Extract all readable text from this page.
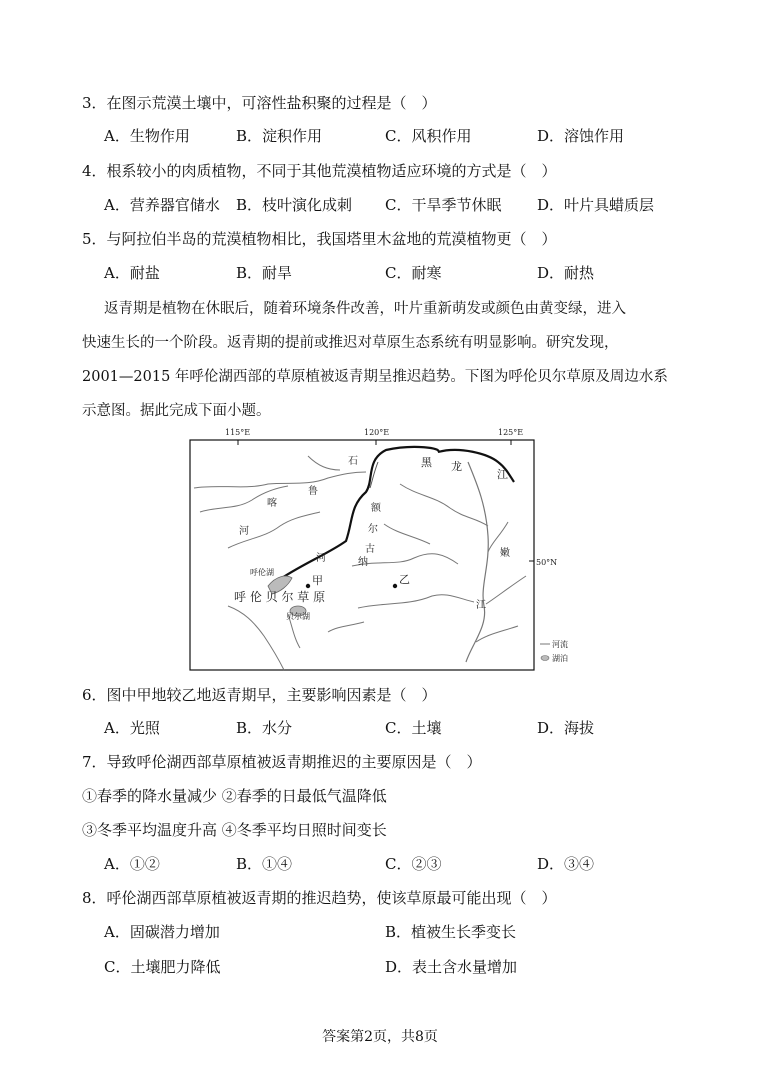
3．在图示荒漠土壤中，可溶性盐积聚的过程是（　）
A．生物作用	B．淀积作用	C．风积作用	D．溶蚀作用
4．根系较小的肉质植物，不同于其他荒漠植物适应环境的方式是（　）
A．营养器官储水 B．枝叶演化成刺 C．干旱季节休眠 D．叶片具蜡质层
5．与阿拉伯半岛的荒漠植物相比，我国塔里木盆地的荒漠植物更（　）
A．耐盐	B．耐旱	C．耐寒	D．耐热
返青期是植物在休眠后，随着环境条件改善，叶片重新萌发或颜色由黄变绿，进入
快速生长的一个阶段。返青期的提前或推迟对草原生态系统有明显影响。研究发现，
2001—2015 年呼伦湖西部的草原植被返青期呈推迟趋势。下图为呼伦贝尔草原及周边水系
示意图。据此完成下面小题。
115°E	120°E	125°E
石	黑 龙
江
额
尔
古
纳
河
喀
鲁
河
嫩
江
50°N
呼伦湖
贝尔湖
呼 伦 贝 尔 草 原
甲	乙
河流
湖泊
6．图中甲地较乙地返青期早，主要影响因素是（　）
A．光照	B．水分	C．土壤	D．海拔
7．导致呼伦湖西部草原植被返青期推迟的主要原因是（　）
①春季的降水量减少 ②春季的日最低气温降低
③冬季平均温度升高 ④冬季平均日照时间变长
A．①②	B．①④	C．②③	D．③④
8．呼伦湖西部草原植被返青期的推迟趋势，使该草原最可能出现（　）
A．固碳潜力增加	B．植被生长季变长
C．土壤肥力降低	D．表土含水量增加
答案第2页，共8页
